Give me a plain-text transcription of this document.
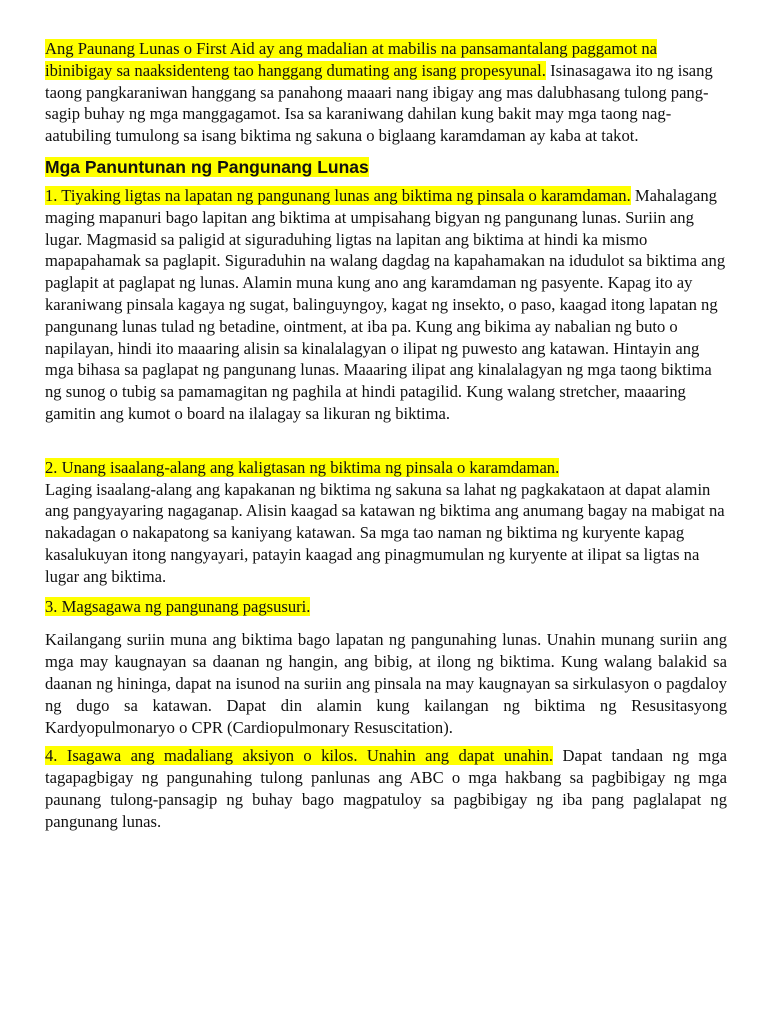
Ang Paunang Lunas o First Aid ay ang madalian at mabilis na pansamantalang paggamot na ibinibigay sa naaksidenteng tao hanggang dumating ang isang propesyunal. Isinasagawa ito ng isang taong pangkaraniwan hanggang sa panahong maaari nang ibigay ang mas dalubhasang tulong pang-sagip buhay ng mga manggagamot. Isa sa karaniwang dahilan kung bakit may mga taong nag-aatubiling tumulong sa isang biktima ng sakuna o biglaang karamdaman ay kaba at takot.

Mga Panuntunan ng Pangunang Lunas

1. Tiyaking ligtas na lapatan ng pangunang lunas ang biktima ng pinsala o karamdaman. Mahalagang maging mapanuri bago lapitan ang biktima at umpisahang bigyan ng pangunang lunas. Suriin ang lugar. Magmasid sa paligid at siguraduhing ligtas na lapitan ang biktima at hindi ka mismo mapapahamak sa paglapit. Siguraduhin na walang dagdag na kapahamakan na idudulot sa biktima ang paglapit at paglapat ng lunas. Alamin muna kung ano ang karamdaman ng pasyente. Kapag ito ay karaniwang pinsala kagaya ng sugat, balinguyngoy, kagat ng insekto, o paso, kaagad itong lapatan ng pangunang lunas tulad ng betadine, ointment, at iba pa. Kung ang bikima ay nabalian ng buto o napilayan, hindi ito maaaring alisin sa kinalalagyan o ilipat ng puwesto ang katawan. Hintayin ang mga bihasa sa paglapat ng pangunang lunas. Maaaring ilipat ang kinalalagyan ng mga taong biktima ng sunog o tubig sa pamamagitan ng paghila at hindi patagilid. Kung walang stretcher, maaaring gamitin ang kumot o board na ilalagay sa likuran ng biktima.

2. Unang isaalang-alang ang kaligtasan ng biktima ng pinsala o karamdaman.
Laging isaalang-alang ang kapakanan ng biktima ng sakuna sa lahat ng pagkakataon at dapat alamin ang pangyayaring nagaganap. Alisin kaagad sa katawan ng biktima ang anumang bagay na mabigat na nakadagan o nakapatong sa kaniyang katawan. Sa mga tao naman ng biktima ng kuryente kapag kasalukuyan itong nangyayari, patayin kaagad ang pinagmumulan ng kuryente at ilipat sa ligtas na lugar ang biktima.

3. Magsagawa ng pangunang pagsusuri.

Kailangang suriin muna ang biktima bago lapatan ng pangunahing lunas. Unahin munang suriin ang mga may kaugnayan sa daanan ng hangin, ang bibig, at ilong ng biktima. Kung walang balakid sa daanan ng hininga, dapat na isunod na suriin ang pinsala na may kaugnayan sa sirkulasyon o pagdaloy ng dugo sa katawan. Dapat din alamin kung kailangan ng biktima ng Resusitasyong Kardyopulmonaryo o CPR (Cardiopulmonary Resuscitation).

4. Isagawa ang madaliang aksiyon o kilos. Unahin ang dapat unahin. Dapat tandaan ng mga tagapagbigay ng pangunahing tulong panlunas ang ABC o mga hakbang sa pagbibigay ng mga paunang tulong-pansagip ng buhay bago magpatuloy sa pagbibigay ng iba pang paglalapat ng pangunang lunas.
